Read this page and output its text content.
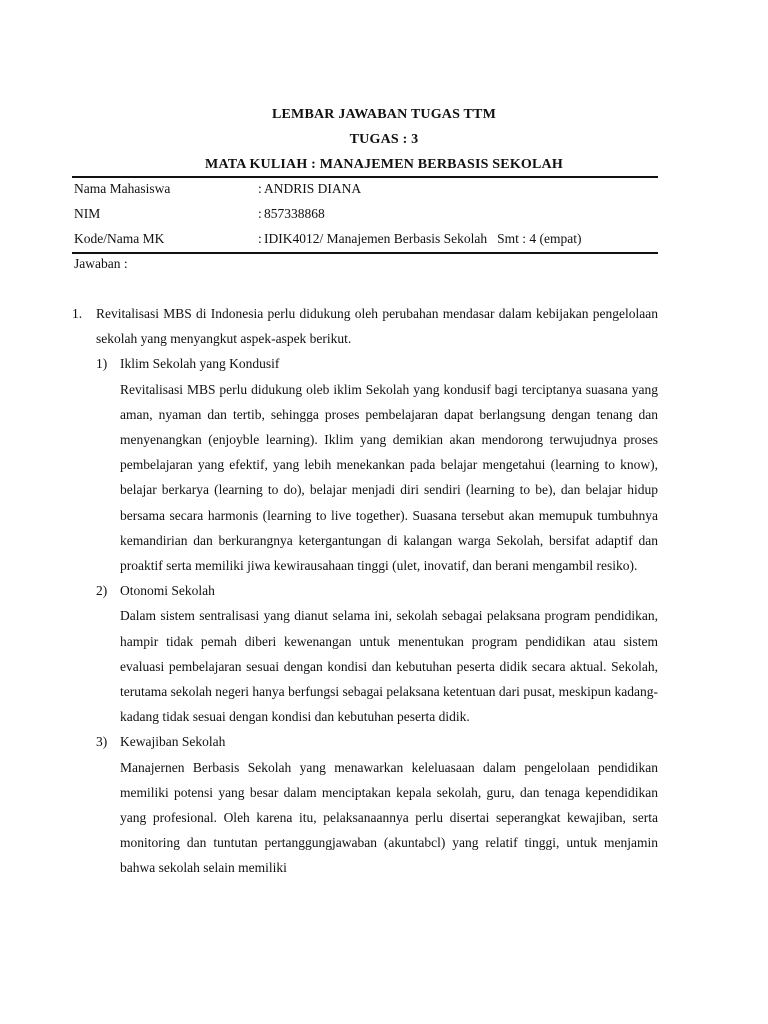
LEMBAR JAWABAN TUGAS TTM
TUGAS : 3
MATA KULIAH : MANAJEMEN BERBASIS SEKOLAH
Nama Mahasiswa	: ANDRIS DIANA
NIM	: 857338868
Kode/Nama MK	: IDIK4012/ Manajemen Berbasis Sekolah Smt : 4 (empat)
Jawaban :
1.	Revitalisasi MBS di Indonesia perlu didukung oleh perubahan mendasar dalam kebijakan pengelolaan sekolah yang menyangkut aspek-aspek berikut.
1) Iklim Sekolah yang Kondusif
Revitalisasi MBS perlu didukung oleb iklim Sekolah yang kondusif bagi terciptanya suasana yang aman, nyaman dan tertib, sehingga proses pembelajaran dapat berlangsung dengan tenang dan menyenangkan (enjoyble learning). Iklim yang demikian akan mendorong terwujudnya proses pembelajaran yang efektif, yang lebih menekankan pada belajar mengetahui (learning to know), belajar berkarya (learning to do), belajar menjadi diri sendiri (learning to be), dan belajar hidup bersama secara harmonis (learning to live together). Suasana tersebut akan memupuk tumbuhnya kemandirian dan berkurangnya ketergantungan di kalangan warga Sekolah, bersifat adaptif dan proaktif serta memiliki jiwa kewirausahaan tinggi (ulet, inovatif, dan berani mengambil resiko).
2) Otonomi Sekolah
Dalam sistem sentralisasi yang dianut selama ini, sekolah sebagai pelaksana program pendidikan, hampir tidak pemah diberi kewenangan untuk menentukan program pendidikan atau sistem evaluasi pembelajaran sesuai dengan kondisi dan kebutuhan peserta didik secara aktual. Sekolah, terutama sekolah negeri hanya berfungsi sebagai pelaksana ketentuan dari pusat, meskipun kadang-kadang tidak sesuai dengan kondisi dan kebutuhan peserta didik.
3) Kewajiban Sekolah
Manajernen Berbasis Sekolah yang menawarkan keleluasaan dalam pengelolaan pendidikan memiliki potensi yang besar dalam menciptakan kepala sekolah, guru, dan tenaga kependidikan yang profesional. Oleh karena itu, pelaksanaannya perlu disertai seperangkat kewajiban, serta monitoring dan tuntutan pertanggungjawaban (akuntabcl) yang relatif tinggi, untuk menjamin bahwa sekolah selain memiliki
